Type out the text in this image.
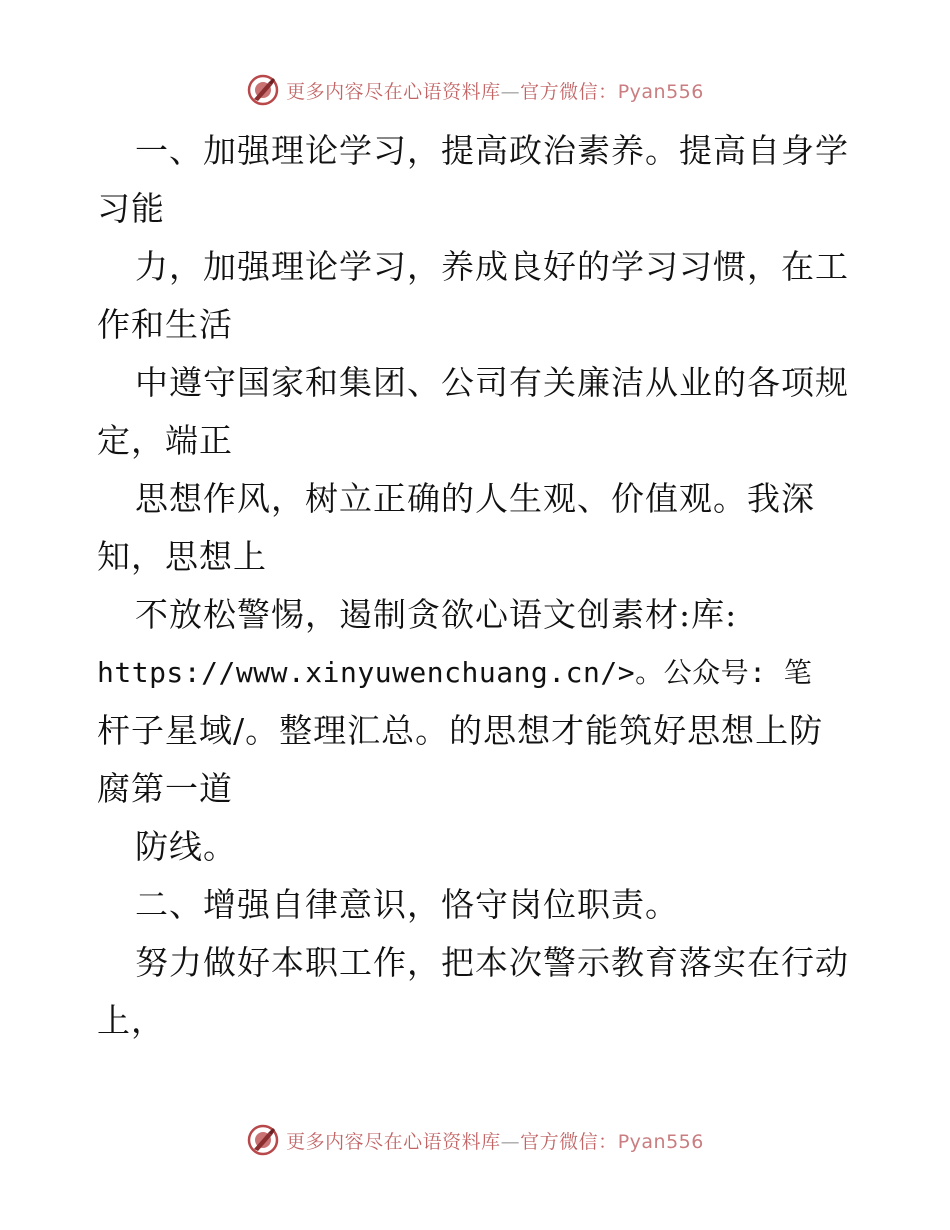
更多内容尽在心语资料库—官方微信：Pyan556
一、加强理论学习，提高政治素养。提高自身学
习能
力，加强理论学习，养成良好的学习习惯，在工
作和生活
中遵守国家和集团、公司有关廉洁从业的各项规
定，端正
思想作风，树立正确的人生观、价值观。我深
知，思想上
不放松警惕，遏制贪欲心语文创素材:库:
https://www.xinyuwenchuang.cn/>。公众号: 笔
杆子星域/。整理汇总。的思想才能筑好思想上防
腐第一道
防线。
二、增强自律意识，恪守岗位职责。
努力做好本职工作，把本次警示教育落实在行动
上，
更多内容尽在心语资料库—官方微信：Pyan556
